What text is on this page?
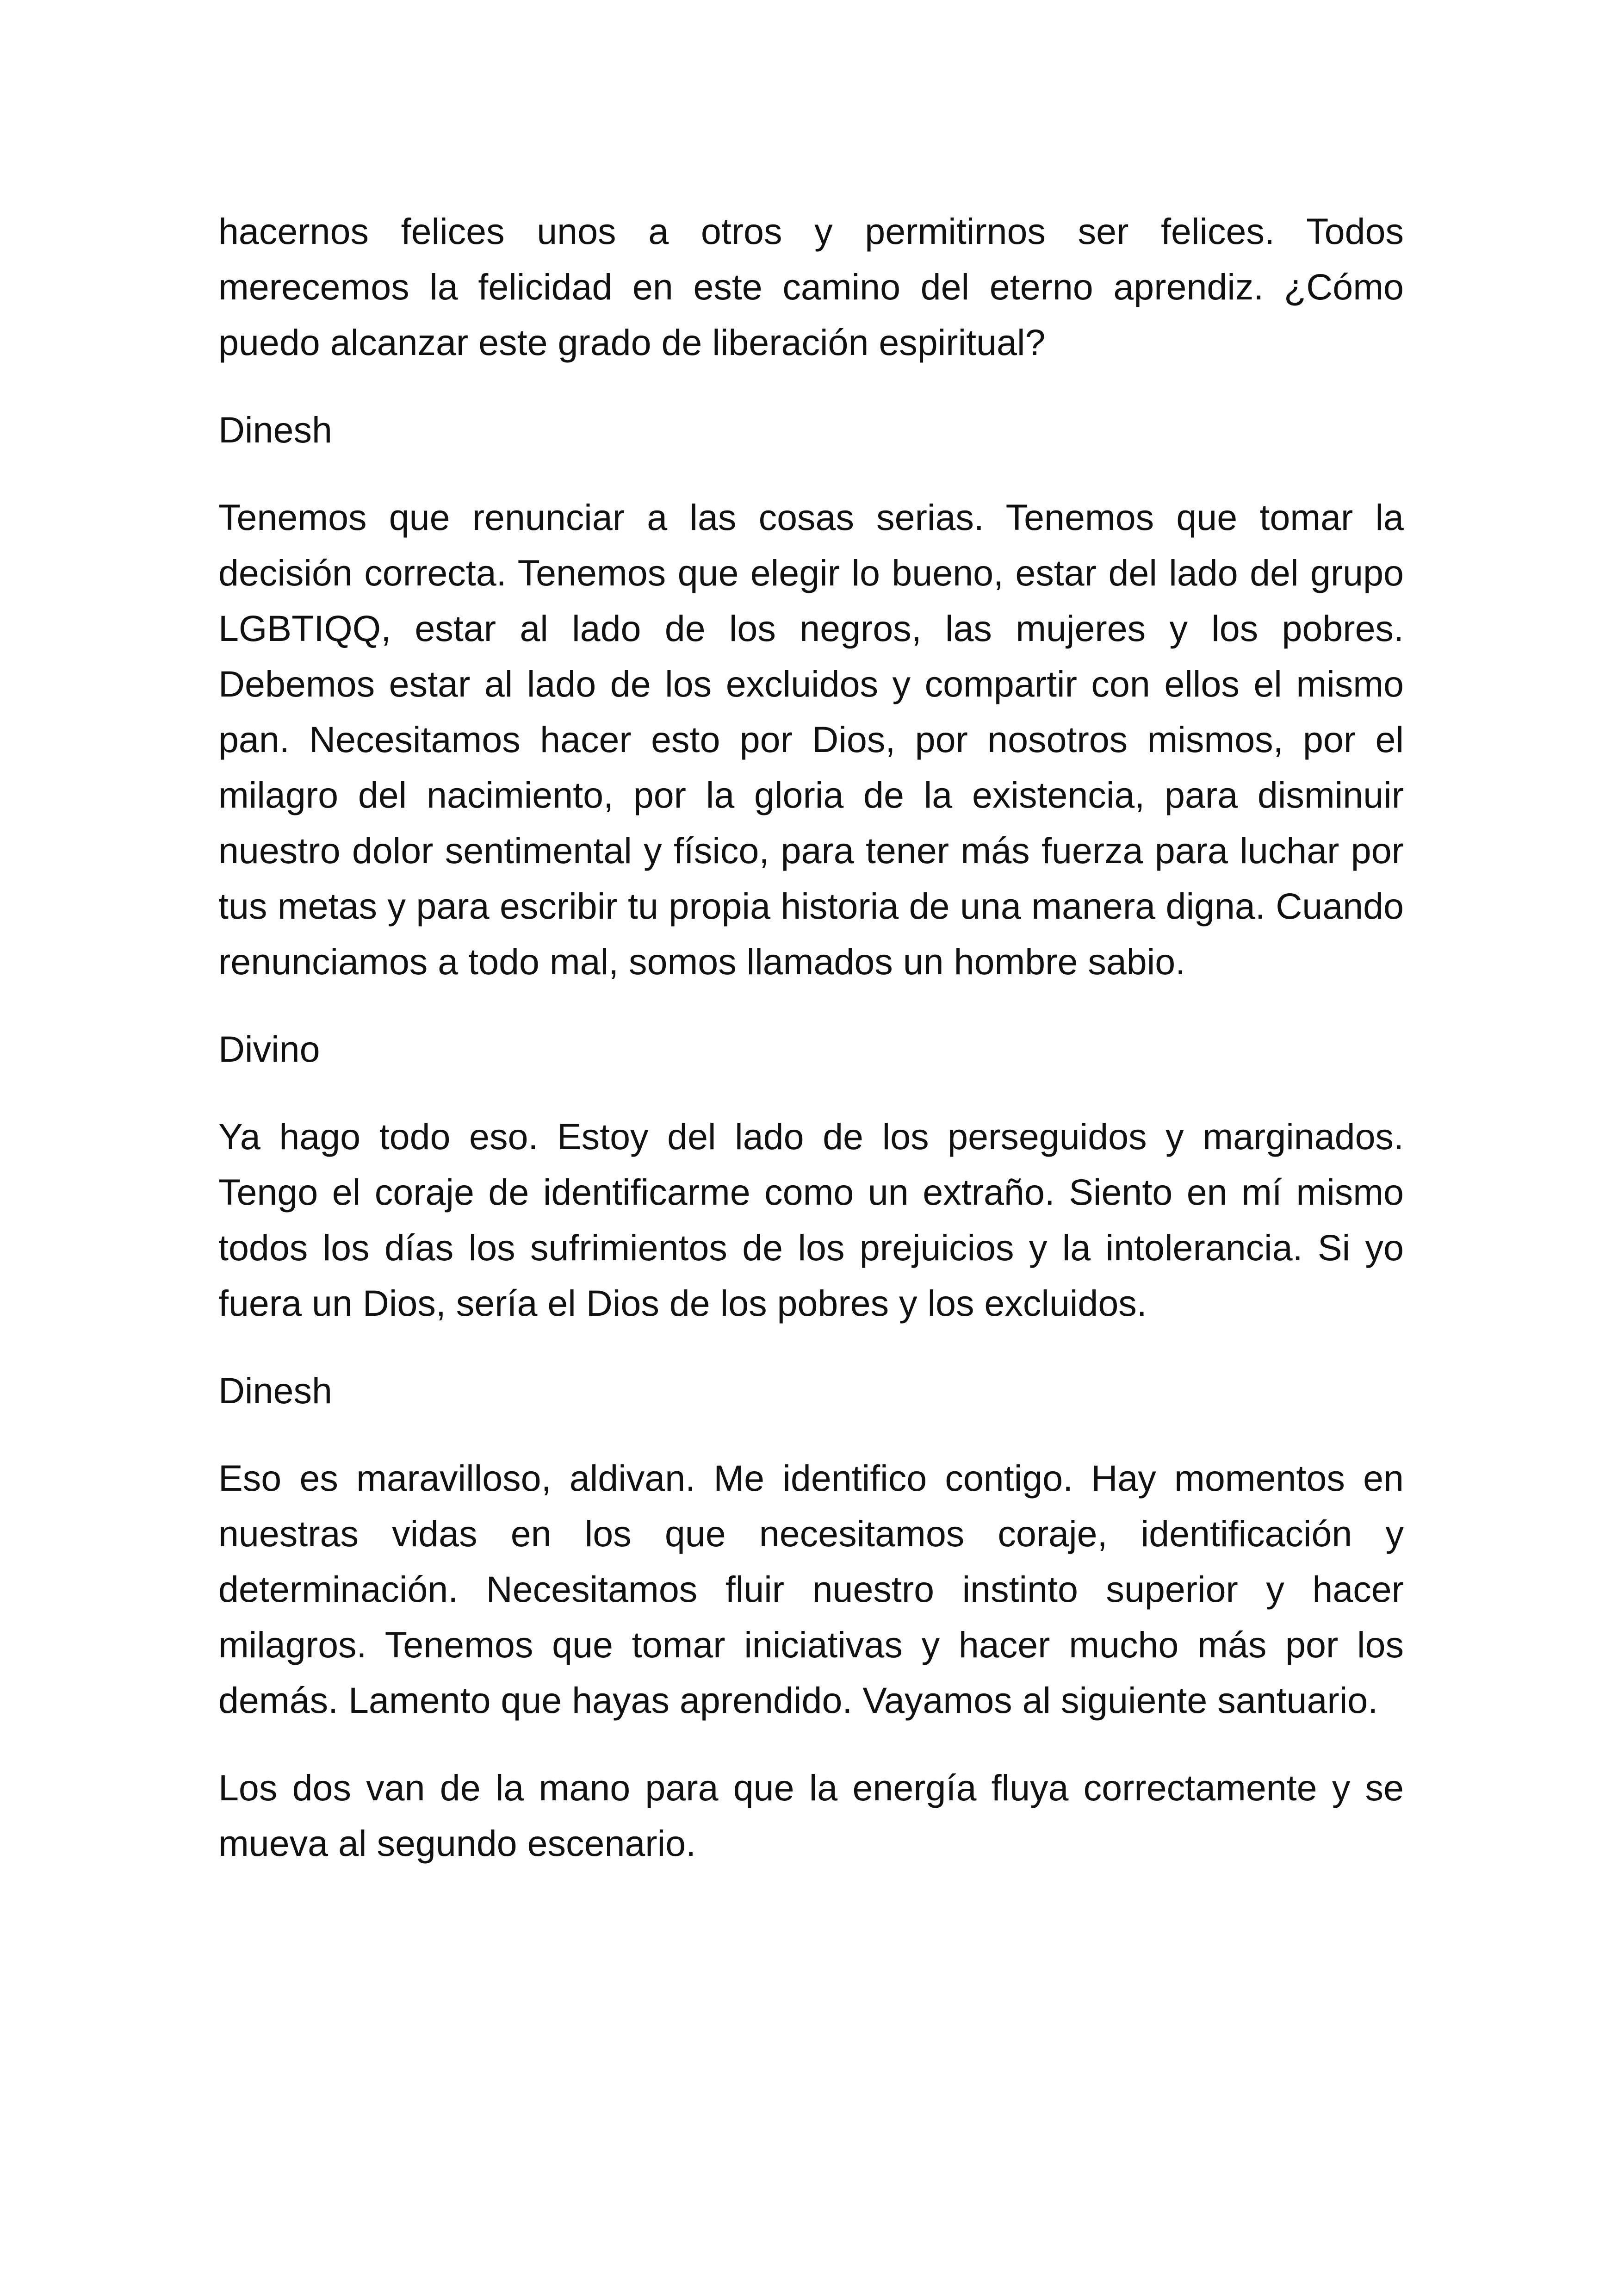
hacernos felices unos a otros y permitirnos ser felices. Todos merecemos la felicidad en este camino del eterno aprendiz. ¿Cómo puedo alcanzar este grado de liberación espiritual?

Dinesh

Tenemos que renunciar a las cosas serias. Tenemos que tomar la decisión correcta. Tenemos que elegir lo bueno, estar del lado del grupo LGBTIQQ, estar al lado de los negros, las mujeres y los pobres. Debemos estar al lado de los excluidos y compartir con ellos el mismo pan. Necesitamos hacer esto por Dios, por nosotros mismos, por el milagro del nacimiento, por la gloria de la existencia, para disminuir nuestro dolor sentimental y físico, para tener más fuerza para luchar por tus metas y para escribir tu propia historia de una manera digna. Cuando renunciamos a todo mal, somos llamados un hombre sabio.

Divino

Ya hago todo eso. Estoy del lado de los perseguidos y marginados. Tengo el coraje de identificarme como un extraño. Siento en mí mismo todos los días los sufrimientos de los prejuicios y la intolerancia. Si yo fuera un Dios, sería el Dios de los pobres y los excluidos.

Dinesh

Eso es maravilloso, aldivan. Me identifico contigo. Hay momentos en nuestras vidas en los que necesitamos coraje, identificación y determinación. Necesitamos fluir nuestro instinto superior y hacer milagros. Tenemos que tomar iniciativas y hacer mucho más por los demás. Lamento que hayas aprendido. Vayamos al siguiente santuario.

Los dos van de la mano para que la energía fluya correctamente y se mueva al segundo escenario.
